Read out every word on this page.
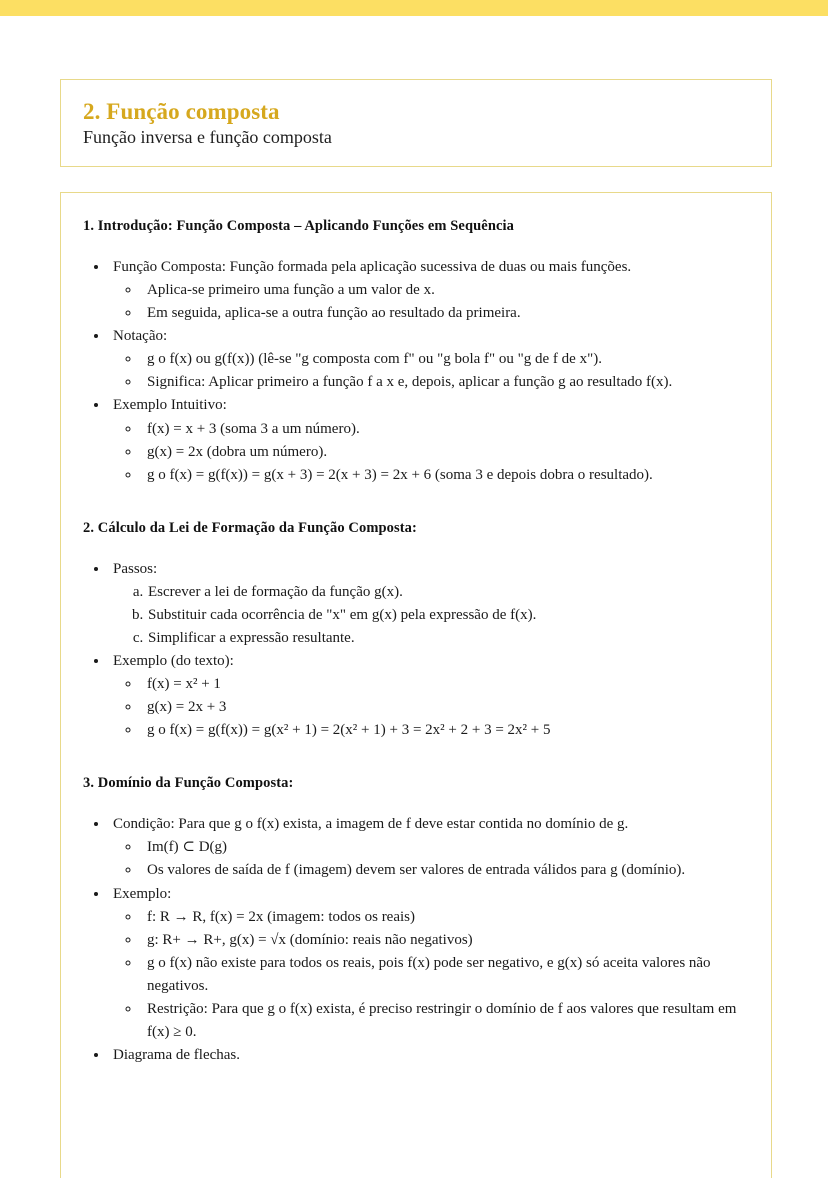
2. Função composta
Função inversa e função composta
1. Introdução: Função Composta – Aplicando Funções em Sequência
• Função Composta: Função formada pela aplicação sucessiva de duas ou mais funções.
◦ Aplica-se primeiro uma função a um valor de x.
◦ Em seguida, aplica-se a outra função ao resultado da primeira.
• Notação:
◦ g o f(x) ou g(f(x)) (lê-se "g composta com f" ou "g bola f" ou "g de f de x").
◦ Significa: Aplicar primeiro a função f a x e, depois, aplicar a função g ao resultado f(x).
• Exemplo Intuitivo:
◦ f(x) = x + 3 (soma 3 a um número).
◦ g(x) = 2x (dobra um número).
◦ g o f(x) = g(f(x)) = g(x + 3) = 2(x + 3) = 2x + 6 (soma 3 e depois dobra o resultado).
2. Cálculo da Lei de Formação da Função Composta:
• Passos:
a. Escrever a lei de formação da função g(x).
b. Substituir cada ocorrência de "x" em g(x) pela expressão de f(x).
c. Simplificar a expressão resultante.
• Exemplo (do texto):
◦ f(x) = x² + 1
◦ g(x) = 2x + 3
◦ g o f(x) = g(f(x)) = g(x² + 1) = 2(x² + 1) + 3 = 2x² + 2 + 3 = 2x² + 5
3. Domínio da Função Composta:
• Condição: Para que g o f(x) exista, a imagem de f deve estar contida no domínio de g.
◦ Im(f) ⊂ D(g)
◦ Os valores de saída de f (imagem) devem ser valores de entrada válidos para g (domínio).
• Exemplo:
◦ f: R → R, f(x) = 2x (imagem: todos os reais)
◦ g: R+ → R+, g(x) = √x (domínio: reais não negativos)
◦ g o f(x) não existe para todos os reais, pois f(x) pode ser negativo, e g(x) só aceita valores não negativos.
◦ Restrição: Para que g o f(x) exista, é preciso restringir o domínio de f aos valores que resultam em f(x) ≥ 0.
• Diagrama de flechas.
